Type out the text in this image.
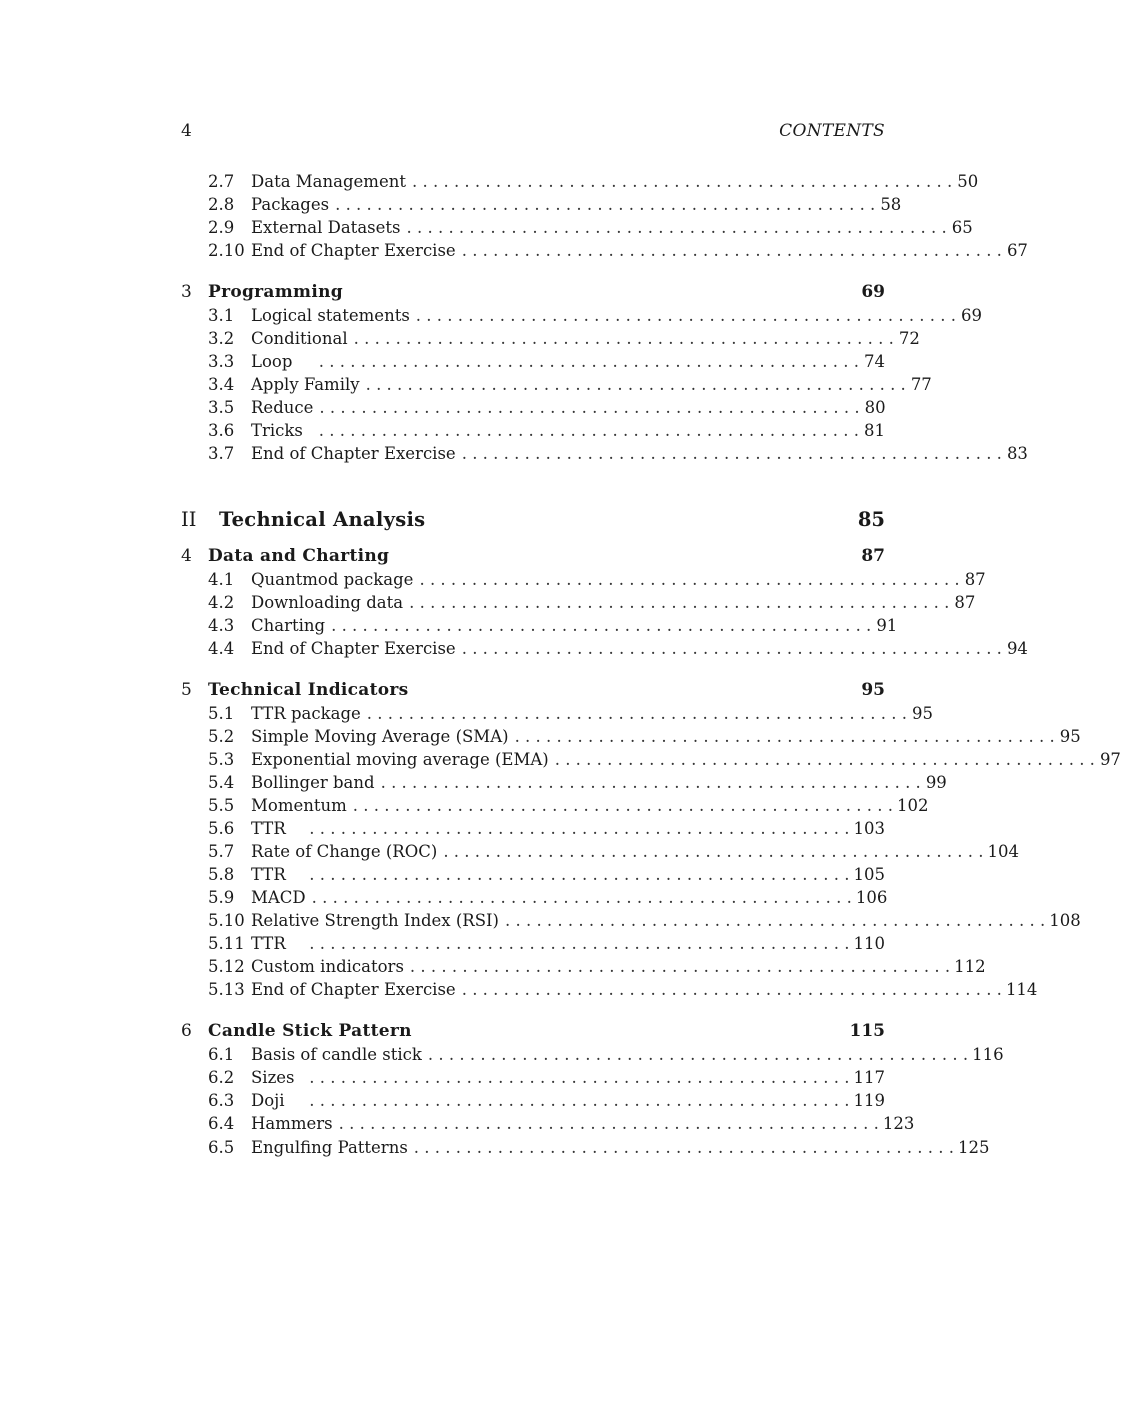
4	CONTENTS
2.7	Data Management . . . . . . . . . . . . . . . . . . . . . . . . . . . . . . . . . . . . . . . . . . . . . . . . . . . . 50
2.8	Packages . . . . . . . . . . . . . . . . . . . . . . . . . . . . . . . . . . . . . . . . . . . . . . . . . . . . 58
2.9	External Datasets . . . . . . . . . . . . . . . . . . . . . . . . . . . . . . . . . . . . . . . . . . . . . . . . . . . . 65
2.10 End of Chapter Exercise . . . . . . . . . . . . . . . . . . . . . . . . . . . . . . . . . . . . . . . . . . . . . . . . . . . . 67
3 Programming	69
3.1	Logical statements . . . . . . . . . . . . . . . . . . . . . . . . . . . . . . . . . . . . . . . . . . . . . . . . . . . . 69
3.2	Conditional . . . . . . . . . . . . . . . . . . . . . . . . . . . . . . . . . . . . . . . . . . . . . . . . . . . . 72
3.3	Loop	. . . . . . . . . . . . . . . . . . . . . . . . . . . . . . . . . . . . . . . . . . . . . . . . . . . . 74
3.4	Apply Family . . . . . . . . . . . . . . . . . . . . . . . . . . . . . . . . . . . . . . . . . . . . . . . . . . . . 77
3.5	Reduce . . . . . . . . . . . . . . . . . . . . . . . . . . . . . . . . . . . . . . . . . . . . . . . . . . . . 80
3.6	Tricks . . . . . . . . . . . . . . . . . . . . . . . . . . . . . . . . . . . . . . . . . . . . . . . . . . . . 81
3.7	End of Chapter Exercise . . . . . . . . . . . . . . . . . . . . . . . . . . . . . . . . . . . . . . . . . . . . . . . . . . . . 83
II	Technical Analysis	85
4 Data and Charting	87
4.1	Quantmod package . . . . . . . . . . . . . . . . . . . . . . . . . . . . . . . . . . . . . . . . . . . . . . . . . . . . 87
4.2	Downloading data . . . . . . . . . . . . . . . . . . . . . . . . . . . . . . . . . . . . . . . . . . . . . . . . . . . . 87
4.3	Charting . . . . . . . . . . . . . . . . . . . . . . . . . . . . . . . . . . . . . . . . . . . . . . . . . . . . 91
4.4	End of Chapter Exercise . . . . . . . . . . . . . . . . . . . . . . . . . . . . . . . . . . . . . . . . . . . . . . . . . . . . 94
5 Technical Indicators	95
5.1	TTR package . . . . . . . . . . . . . . . . . . . . . . . . . . . . . . . . . . . . . . . . . . . . . . . . . . . . 95
5.2	Simple Moving Average (SMA) . . . . . . . . . . . . . . . . . . . . . . . . . . . . . . . . . . . . . . . . . . . . . . . . . . . . 95
5.3	Exponential moving average (EMA) . . . . . . . . . . . . . . . . . . . . . . . . . . . . . . . . . . . . . . . . . . . . . . . . . . . . 97
5.4	Bollinger band . . . . . . . . . . . . . . . . . . . . . . . . . . . . . . . . . . . . . . . . . . . . . . . . . . . . 99
5.5	Momentum . . . . . . . . . . . . . . . . . . . . . . . . . . . . . . . . . . . . . . . . . . . . . . . . . . . . 102
5.6	TTR	. . . . . . . . . . . . . . . . . . . . . . . . . . . . . . . . . . . . . . . . . . . . . . . . . . . . 103
5.7	Rate of Change (ROC) . . . . . . . . . . . . . . . . . . . . . . . . . . . . . . . . . . . . . . . . . . . . . . . . . . . . 104
5.8	TTR	. . . . . . . . . . . . . . . . . . . . . . . . . . . . . . . . . . . . . . . . . . . . . . . . . . . . 105
5.9	MACD . . . . . . . . . . . . . . . . . . . . . . . . . . . . . . . . . . . . . . . . . . . . . . . . . . . . 106
5.10 Relative Strength Index (RSI) . . . . . . . . . . . . . . . . . . . . . . . . . . . . . . . . . . . . . . . . . . . . . . . . . . . . 108
5.11 TTR	. . . . . . . . . . . . . . . . . . . . . . . . . . . . . . . . . . . . . . . . . . . . . . . . . . . . 110
5.12 Custom indicators . . . . . . . . . . . . . . . . . . . . . . . . . . . . . . . . . . . . . . . . . . . . . . . . . . . . 112
5.13 End of Chapter Exercise . . . . . . . . . . . . . . . . . . . . . . . . . . . . . . . . . . . . . . . . . . . . . . . . . . . . 114
6 Candle Stick Pattern	115
6.1	Basis of candle stick . . . . . . . . . . . . . . . . . . . . . . . . . . . . . . . . . . . . . . . . . . . . . . . . . . . . 116
6.2	Sizes . . . . . . . . . . . . . . . . . . . . . . . . . . . . . . . . . . . . . . . . . . . . . . . . . . . . 117
6.3	Doji	. . . . . . . . . . . . . . . . . . . . . . . . . . . . . . . . . . . . . . . . . . . . . . . . . . . . 119
6.4	Hammers . . . . . . . . . . . . . . . . . . . . . . . . . . . . . . . . . . . . . . . . . . . . . . . . . . . . 123
6.5	Engulfing Patterns . . . . . . . . . . . . . . . . . . . . . . . . . . . . . . . . . . . . . . . . . . . . . . . . . . . . 125
